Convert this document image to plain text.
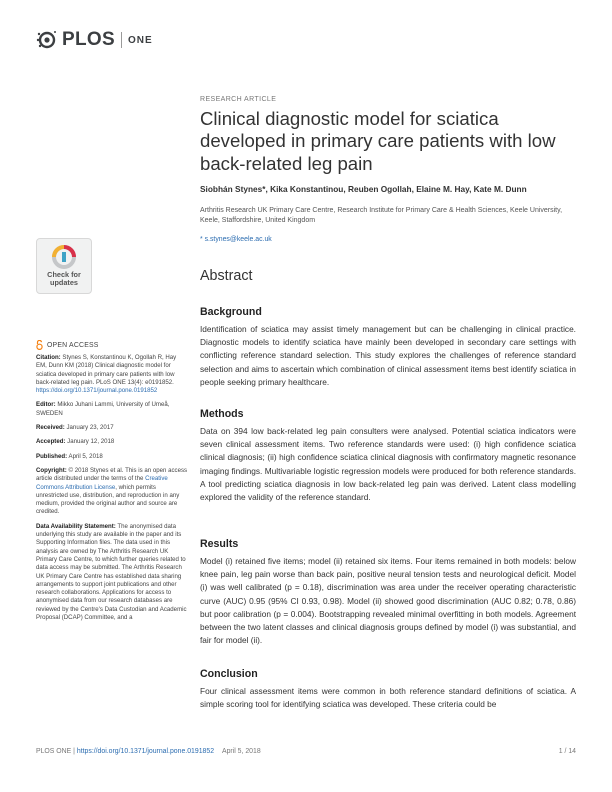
PLOS ONE
Check for updates
OPEN ACCESS

Citation: Stynes S, Konstantinou K, Ogollah R, Hay EM, Dunn KM (2018) Clinical diagnostic model for sciatica developed in primary care patients with low back-related leg pain. PLoS ONE 13(4): e0191852. https://doi.org/10.1371/journal.pone.0191852

Editor: Mikko Juhani Lammi, University of Umeå, SWEDEN

Received: January 23, 2017

Accepted: January 12, 2018

Published: April 5, 2018

Copyright: © 2018 Stynes et al. This is an open access article distributed under the terms of the Creative Commons Attribution License, which permits unrestricted use, distribution, and reproduction in any medium, provided the original author and source are credited.

Data Availability Statement: The anonymised data underlying this study are available in the paper and its Supporting Information files. The data used in this analysis are owned by The Arthritis Research UK Primary Care Centre, to which further queries related to data access may be submitted. The Arthritis Research UK Primary Care Centre has established data sharing arrangements to support joint publications and other research collaborations. Applications for access to anonymised data from our research databases are reviewed by the Centre's Data Custodian and Academic Proposal (DCAP) Committee, and a

RESEARCH ARTICLE
Clinical diagnostic model for sciatica developed in primary care patients with low back-related leg pain
Siobhán Stynes*, Kika Konstantinou, Reuben Ogollah, Elaine M. Hay, Kate M. Dunn
Arthritis Research UK Primary Care Centre, Research Institute for Primary Care & Health Sciences, Keele University, Keele, Staffordshire, United Kingdom
* s.stynes@keele.ac.uk
Abstract
Background

Identification of sciatica may assist timely management but can be challenging in clinical practice. Diagnostic models to identify sciatica have mainly been developed in secondary care settings with conflicting reference standard selection. This study explores the challenges of reference standard selection and aims to ascertain which combination of clinical assessment items best identify sciatica in people seeking primary healthcare.

Methods

Data on 394 low back-related leg pain consulters were analysed. Potential sciatica indicators were seven clinical assessment items. Two reference standards were used: (i) high confidence sciatica clinical diagnosis; (ii) high confidence sciatica clinical diagnosis with confirmatory magnetic resonance imaging findings. Multivariable logistic regression models were produced for both reference standards. A tool predicting sciatica diagnosis in low back-related leg pain was derived. Latent class modelling explored the validity of the reference standard.

Results

Model (i) retained five items; model (ii) retained six items. Four items remained in both models: below knee pain, leg pain worse than back pain, positive neural tension tests and neurological deficit. Model (i) was well calibrated (p = 0.18), discrimination was area under the receiver operating characteristic curve (AUC) 0.95 (95% CI 0.93, 0.98). Model (ii) showed good discrimination (AUC 0.82; 0.78, 0.86) but poor calibration (p = 0.004). Bootstrapping revealed minimal overfitting in both models. Agreement between the two latent classes and clinical diagnosis groups defined by model (i) was substantial, and fair for model (ii).

Conclusion

Four clinical assessment items were common in both reference standard definitions of sciatica. A simple scoring tool for identifying sciatica was developed. These criteria could be

PLOS ONE | https://doi.org/10.1371/journal.pone.0191852 April 5, 2018	1 / 14
